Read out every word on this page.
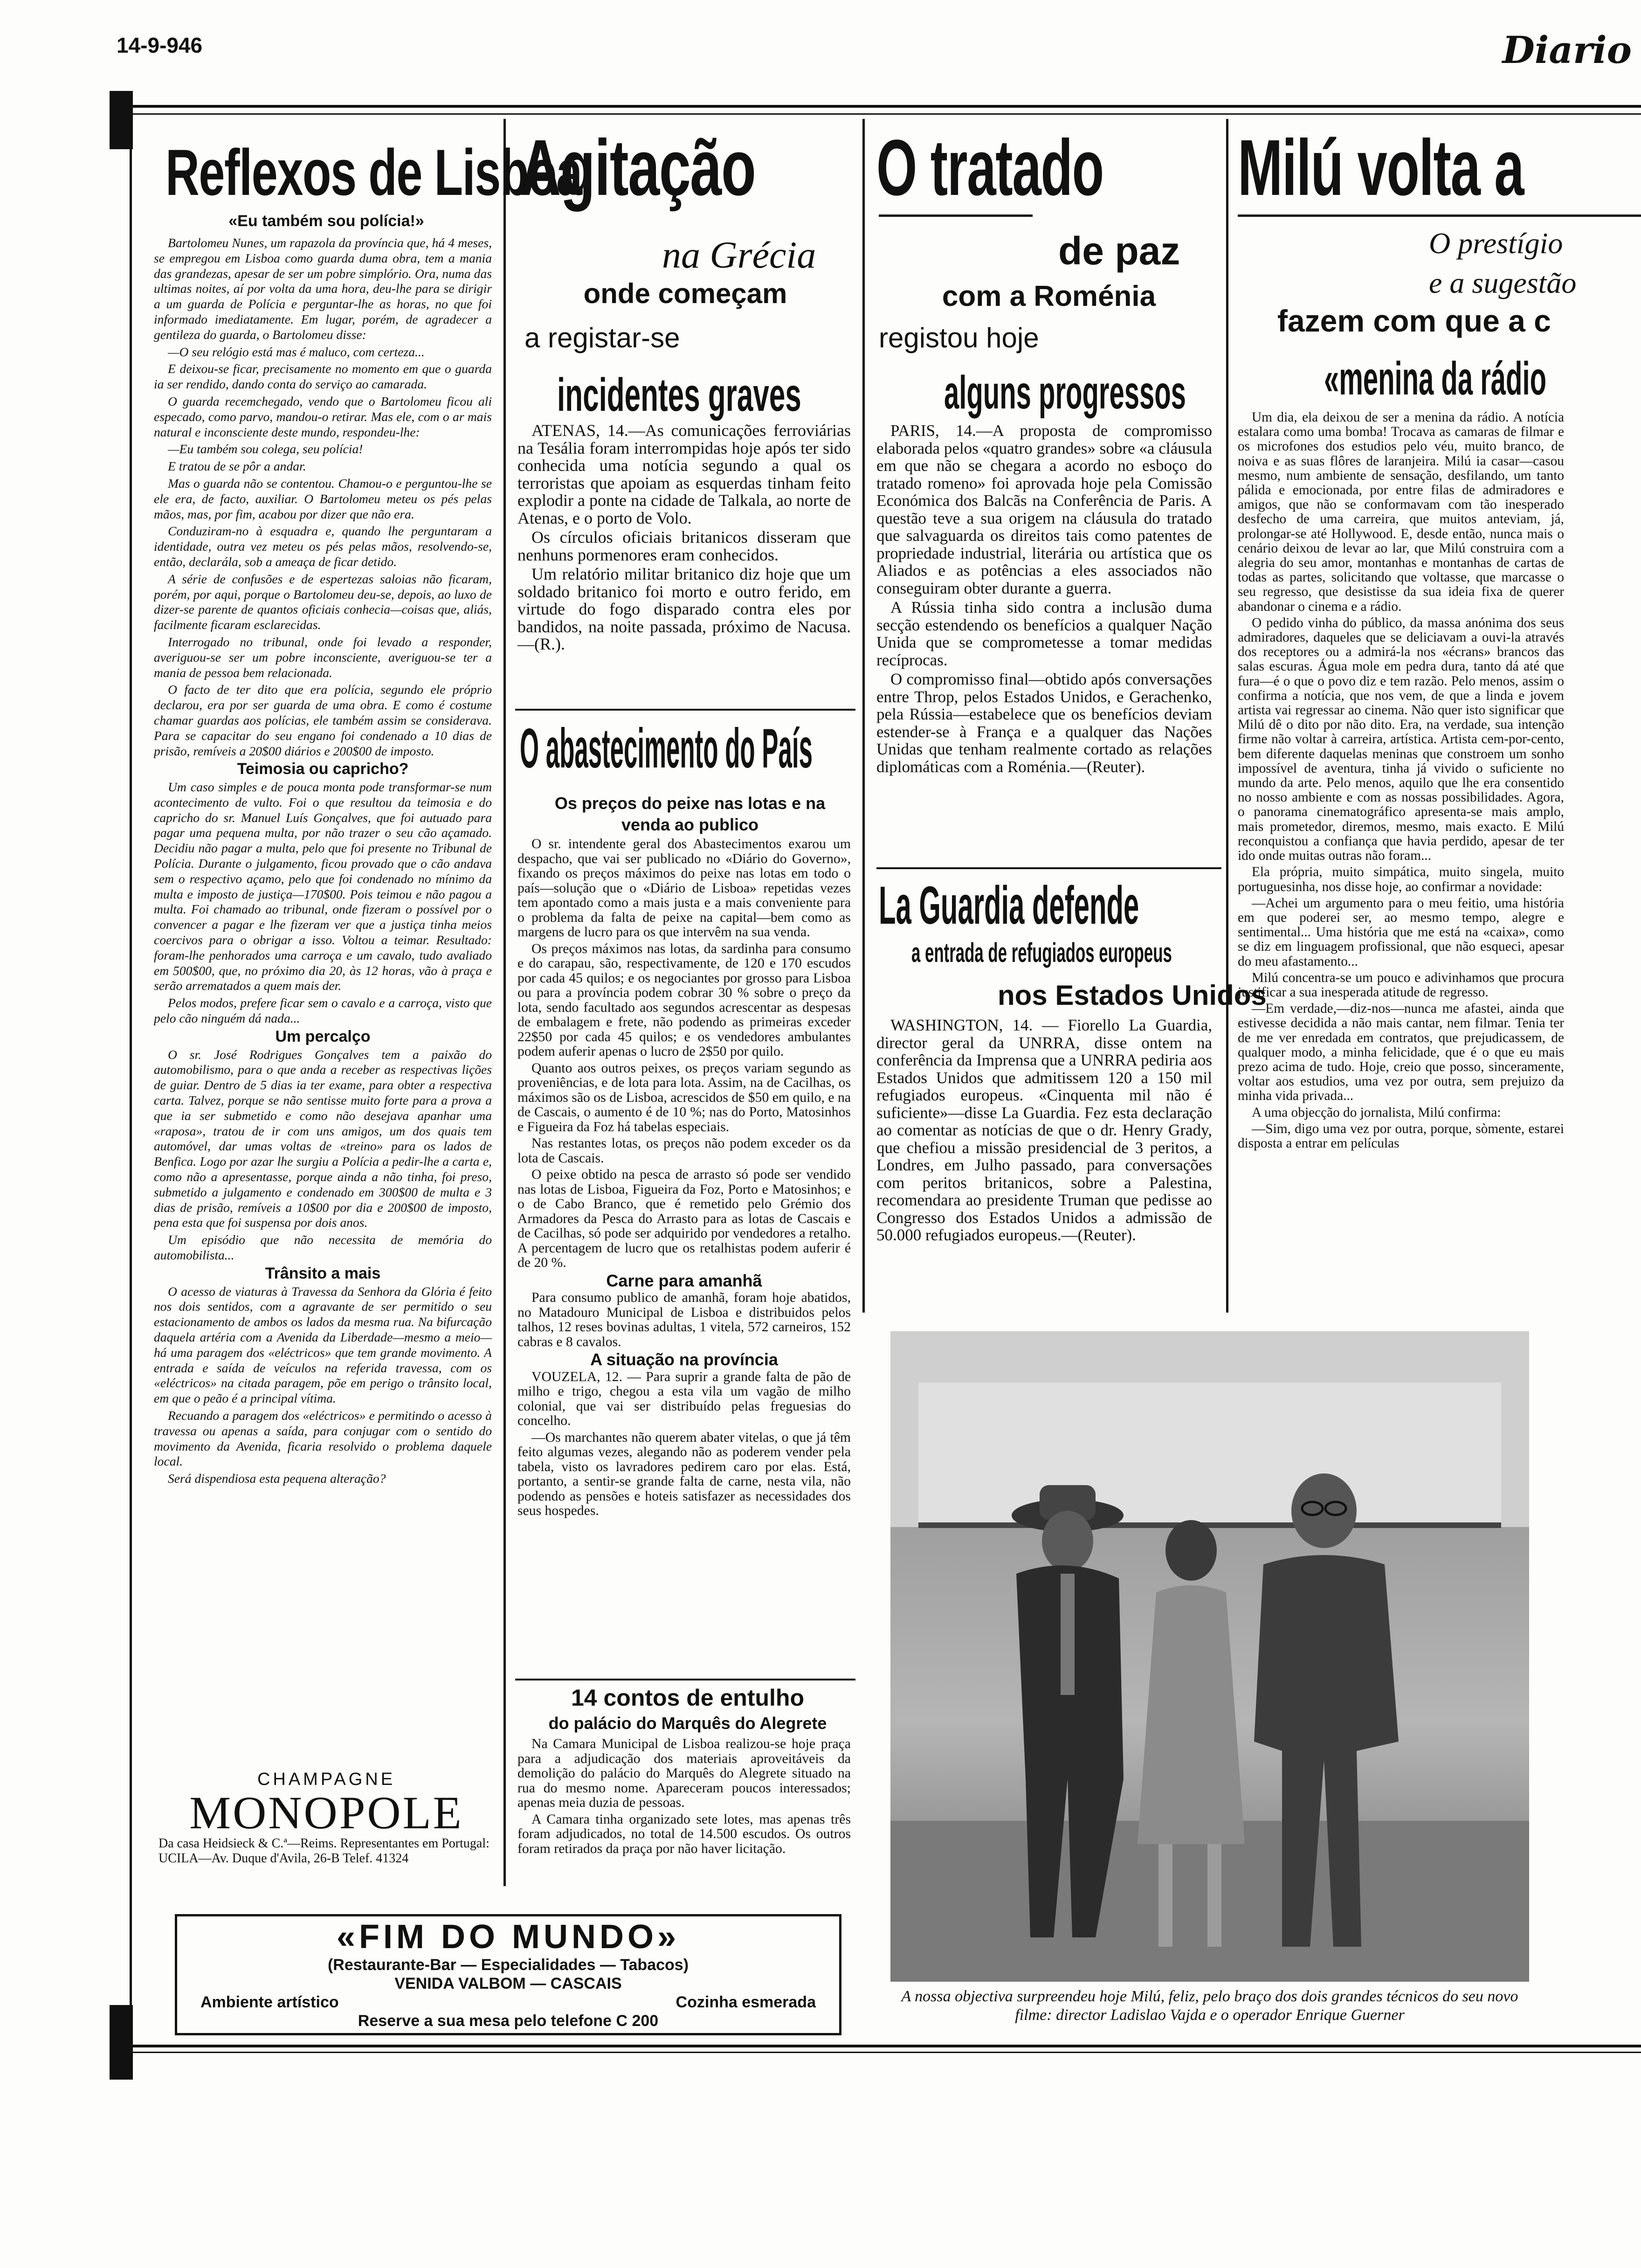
14-9-946	Diario
Reflexos de Lisboa
«Eu também sou polícia!»

Bartolomeu Nunes, um rapazola da província que, há 4 meses, se empregou em Lisboa como guarda duma obra, tem a mania das grandezas, apesar de ser um pobre simplório. Ora, numa das ultimas noites, aí por volta da uma hora, deu-lhe para se dirigir a um guarda de Polícia e perguntar-lhe as horas, no que foi informado imediatamente. Em lugar, porém, de agradecer a gentileza do guarda, o Bartolomeu disse:

—O seu relógio está mas é maluco, com certeza...

E deixou-se ficar, precisamente no momento em que o guarda ia ser rendido, dando conta do serviço ao camarada.

O guarda recemchegado, vendo que o Bartolomeu ficou ali especado, como parvo, mandou-o retirar. Mas ele, com o ar mais natural e inconsciente deste mundo, respondeu-lhe:

—Eu também sou colega, seu polícia!

E tratou de se pôr a andar.

Mas o guarda não se contentou. Chamou-o e perguntou-lhe se ele era, de facto, auxiliar. O Bartolomeu meteu os pés pelas mãos, mas, por fim, acabou por dizer que não era.

Conduziram-no à esquadra e, quando lhe perguntaram a identidade, outra vez meteu os pés pelas mãos, resolvendo-se, então, declarála, sob a ameaça de ficar detido.

A série de confusões e de espertezas saloias não ficaram, porém, por aqui, porque o Bartolomeu deu-se, depois, ao luxo de dizer-se parente de quantos oficiais conhecia—coisas que, aliás, facilmente ficaram esclarecidas.

Interrogado no tribunal, onde foi levado a responder, averiguou-se ser um pobre inconsciente, averiguou-se ter a mania de pessoa bem relacionada.

O facto de ter dito que era polícia, segundo ele próprio declarou, era por ser guarda de uma obra. E como é costume chamar guardas aos polícias, ele também assim se considerava. Para se capacitar do seu engano foi condenado a 10 dias de prisão, remíveis a 20$00 diários e 200$00 de imposto.

Teimosia ou capricho?

Um caso simples e de pouca monta pode transformar-se num acontecimento de vulto. Foi o que resultou da teimosia e do capricho do sr. Manuel Luís Gonçalves, que foi autuado para pagar uma pequena multa, por não trazer o seu cão açamado. Decidiu não pagar a multa, pelo que foi presente no Tribunal de Polícia. Durante o julgamento, ficou provado que o cão andava sem o respectivo açamo, pelo que foi condenado no mínimo da multa e imposto de justiça—170$00. Pois teimou e não pagou a multa. Foi chamado ao tribunal, onde fizeram o possível por o convencer a pagar e lhe fizeram ver que a justiça tinha meios coercivos para o obrigar a isso. Voltou a teimar. Resultado: foram-lhe penhorados uma carroça e um cavalo, tudo avaliado em 500$00, que, no próximo dia 20, às 12 horas, vão à praça e serão arrematados a quem mais der.

Pelos modos, prefere ficar sem o cavalo e a carroça, visto que pelo cão ninguém dá nada...

Um percalço

O sr. José Rodrigues Gonçalves tem a paixão do automobilismo, para o que anda a receber as respectivas lições de guiar. Dentro de 5 dias ia ter exame, para obter a respectiva carta. Talvez, porque se não sentisse muito forte para a prova a que ia ser submetido e como não desejava apanhar uma «raposa», tratou de ir com uns amigos, um dos quais tem automóvel, dar umas voltas de «treino» para os lados de Benfica. Logo por azar lhe surgiu a Polícia a pedir-lhe a carta e, como não a apresentasse, porque ainda a não tinha, foi preso, submetido a julgamento e condenado em 300$00 de multa e 3 dias de prisão, remíveis a 10$00 por dia e 200$00 de imposto, pena esta que foi suspensa por dois anos.

Um episódio que não necessita de memória do automobilista...

Trânsito a mais

O acesso de viaturas à Travessa da Senhora da Glória é feito nos dois sentidos, com a agravante de ser permitido o seu estacionamento de ambos os lados da mesma rua. Na bifurcação daquela artéria com a Avenida da Liberdade—mesmo a meio—há uma paragem dos «eléctricos» que tem grande movimento. A entrada e saída de veículos na referida travessa, com os «eléctricos» na citada paragem, põe em perigo o trânsito local, em que o peão é a principal vítima.

Recuando a paragem dos «eléctricos» e permitindo o acesso à travessa ou apenas a saída, para conjugar com o sentido do movimento da Avenida, ficaria resolvido o problema daquele local.

Será dispendiosa esta pequena alteração?

CHAMPAGNE
MONOPOLE
Da casa Heidsieck & C.ª—Reims. Representantes em Portugal:
UCILA—Av. Duque d'Avila, 26-B Telef. 41324
Agitação
na Grécia
onde começam
a registar-se
incidentes graves

ATENAS, 14.—As comunicações ferroviárias na Tesália foram interrompidas hoje após ter sido conhecida uma notícia segundo a qual os terroristas que apoiam as esquerdas tinham feito explodir a ponte na cidade de Talkala, ao norte de Atenas, e o porto de Volo.

Os círculos oficiais britanicos disseram que nenhuns pormenores eram conhecidos.

Um relatório militar britanico diz hoje que um soldado britanico foi morto e outro ferido, em virtude do fogo disparado contra eles por bandidos, na noite passada, próximo de Nacusa.—(R.).

O abastecimento do País
Os preços do peixe nas lotas e na venda ao publico

O sr. intendente geral dos Abastecimentos exarou um despacho, que vai ser publicado no «Diário do Governo», fixando os preços máximos do peixe nas lotas em todo o país—solução que o «Diário de Lisboa» repetidas vezes tem apontado como a mais justa e a mais conveniente para o problema da falta de peixe na capital—bem como as margens de lucro para os que intervêm na sua venda.

Os preços máximos nas lotas, da sardinha para consumo e do carapau, são, respectivamente, de 120 e 170 escudos por cada 45 quilos; e os negociantes por grosso para Lisboa ou para a província podem cobrar 30 % sobre o preço da lota, sendo facultado aos segundos acrescentar as despesas de embalagem e frete, não podendo as primeiras exceder 22$50 por cada 45 quilos; e os vendedores ambulantes podem auferir apenas o lucro de 2$50 por quilo.

Quanto aos outros peixes, os preços variam segundo as proveniências, e de lota para lota. Assim, na de Cacilhas, os máximos são os de Lisboa, acrescidos de $50 em quilo, e na de Cascais, o aumento é de 10 %; nas do Porto, Matosinhos e Figueira da Foz há tabelas especiais.

Nas restantes lotas, os preços não podem exceder os da lota de Cascais.

O peixe obtido na pesca de arrasto só pode ser vendido nas lotas de Lisboa, Figueira da Foz, Porto e Matosinhos; e o de Cabo Branco, que é remetido pelo Grémio dos Armadores da Pesca do Arrasto para as lotas de Cascais e de Cacilhas, só pode ser adquirido por vendedores a retalho. A percentagem de lucro que os retalhistas podem auferir é de 20 %.

Carne para amanhã

Para consumo publico de amanhã, foram hoje abatidos, no Matadouro Municipal de Lisboa e distribuidos pelos talhos, 12 reses bovinas adultas, 1 vitela, 572 carneiros, 152 cabras e 8 cavalos.

A situação na província

VOUZELA, 12. — Para suprir a grande falta de pão de milho e trigo, chegou a esta vila um vagão de milho colonial, que vai ser distribuído pelas freguesias do concelho.

—Os marchantes não querem abater vitelas, o que já têm feito algumas vezes, alegando não as poderem vender pela tabela, visto os lavradores pedirem caro por elas. Está, portanto, a sentir-se grande falta de carne, nesta vila, não podendo as pensões e hoteis satisfazer as necessidades dos seus hospedes.

14 contos de entulho
do palácio do Marquês do Alegrete

Na Camara Municipal de Lisboa realizou-se hoje praça para a adjudicação dos materiais aproveitáveis da demolição do palácio do Marquês do Alegrete situado na rua do mesmo nome. Apareceram poucos interessados; apenas meia duzia de pessoas.

A Camara tinha organizado sete lotes, mas apenas três foram adjudicados, no total de 14.500 escudos. Os outros foram retirados da praça por não haver licitação.

O tratado
de paz
com a Roménia
registou hoje
alguns progressos

PARIS, 14.—A proposta de compromisso elaborada pelos «quatro grandes» sobre «a cláusula em que não se chegara a acordo no esboço do tratado romeno» foi aprovada hoje pela Comissão Económica dos Balcãs na Conferência de Paris. A questão teve a sua origem na cláusula do tratado que salvaguarda os direitos tais como patentes de propriedade industrial, literária ou artística que os Aliados e as potências a eles associados não conseguiram obter durante a guerra.

A Rússia tinha sido contra a inclusão duma secção estendendo os benefícios a qualquer Nação Unida que se comprometesse a tomar medidas recíprocas.

O compromisso final—obtido após conversações entre Throp, pelos Estados Unidos, e Gerachenko, pela Rússia—estabelece que os benefícios deviam estender-se à França e a qualquer das Nações Unidas que tenham realmente cortado as relações diplomáticas com a Roménia.—(Reuter).

La Guardia defende
a entrada de refugiados europeus
nos Estados Unidos

WASHINGTON, 14. — Fiorello La Guardia, director geral da UNRRA, disse ontem na conferência da Imprensa que a UNRRA pediria aos Estados Unidos que admitissem 120 a 150 mil refugiados europeus. «Cinquenta mil não é suficiente»—disse La Guardia. Fez esta declaração ao comentar as notícias de que o dr. Henry Grady, que chefiou a missão presidencial de 3 peritos, a Londres, em Julho passado, para conversações com peritos britanicos, sobre a Palestina, recomendara ao presidente Truman que pedisse ao Congresso dos Estados Unidos a admissão de 50.000 refugiados europeus.—(Reuter).

Milú volta a
O prestígio
e a sugestão
fazem com que a c
«menina da rádio

Um dia, ela deixou de ser a menina da rádio. A notícia estalara como uma bomba! Trocava as camaras de filmar e os microfones dos estudios pelo véu, muito branco, de noiva e as suas flôres de laranjeira. Milú ia casar—casou mesmo, num ambiente de sensação, desfilando, um tanto pálida e emocionada, por entre filas de admiradores e amigos, que não se conformavam com tão inesperado desfecho de uma carreira, que muitos anteviam, já, prolongar-se até Hollywood. E, desde então, nunca mais o cenário deixou de levar ao lar, que Milú construira com a alegria do seu amor, montanhas e montanhas de cartas de todas as partes, solicitando que voltasse, que marcasse o seu regresso, que desistisse da sua ideia fixa de querer abandonar o cinema e a rádio.

O pedido vinha do público, da massa anónima dos seus admiradores, daqueles que se deliciavam a ouvi-la através dos receptores ou a admirá-la nos «écrans» brancos das salas escuras. Água mole em pedra dura, tanto dá até que fura—é o que o povo diz e tem razão. Pelo menos, assim o confirma a notícia, que nos vem, de que a linda e jovem artista vai regressar ao cinema. Não quer isto significar que Milú dê o dito por não dito. Era, na verdade, sua intenção firme não voltar à carreira, artística. Artista cem-por-cento, bem diferente daquelas meninas que constroem um sonho impossível de aventura, tinha já vivido o suficiente no mundo da arte. Pelo menos, aquilo que lhe era consentido no nosso ambiente e com as nossas possibilidades. Agora, o panorama cinematográfico apresenta-se mais amplo, mais prometedor, diremos, mesmo, mais exacto. E Milú reconquistou a confiança que havia perdido, apesar de ter ido onde muitas outras não foram...

Ela própria, muito simpática, muito singela, muito portuguesinha, nos disse hoje, ao confirmar a novidade:

—Achei um argumento para o meu feitio, uma história em que poderei ser, ao mesmo tempo, alegre e sentimental... Uma história que me está na «caixa», como se diz em linguagem profissional, que não esqueci, apesar do meu afastamento...

Milú concentra-se um pouco e adivinhamos que procura justificar a sua inesperada atitude de regresso.

—Em verdade,—diz-nos—nunca me afastei, ainda que estivesse decidida a não mais cantar, nem filmar. Tenia ter de me ver enredada em contratos, que prejudicassem, de qualquer modo, a minha felicidade, que é o que eu mais prezo acima de tudo. Hoje, creio que posso, sinceramente, voltar aos estudios, uma vez por outra, sem prejuizo da minha vida privada...

A uma objecção do jornalista, Milú confirma:

—Sim, digo uma vez por outra, porque, sòmente, estarei disposta a entrar em películas

A nossa objectiva surpreendeu hoje Milú, feliz, pelo braço dos dois grandes técnicos do seu novo filme: director Ladislao Vajda e o operador Enrique Guerner
«FIM DO MUNDO»
(Restaurante-Bar — Especialidades — Tabacos)
VENIDA VALBOM — CASCAIS
Ambiente artístico	Cozinha esmerada
Reserve a sua mesa pelo telefone C 200
